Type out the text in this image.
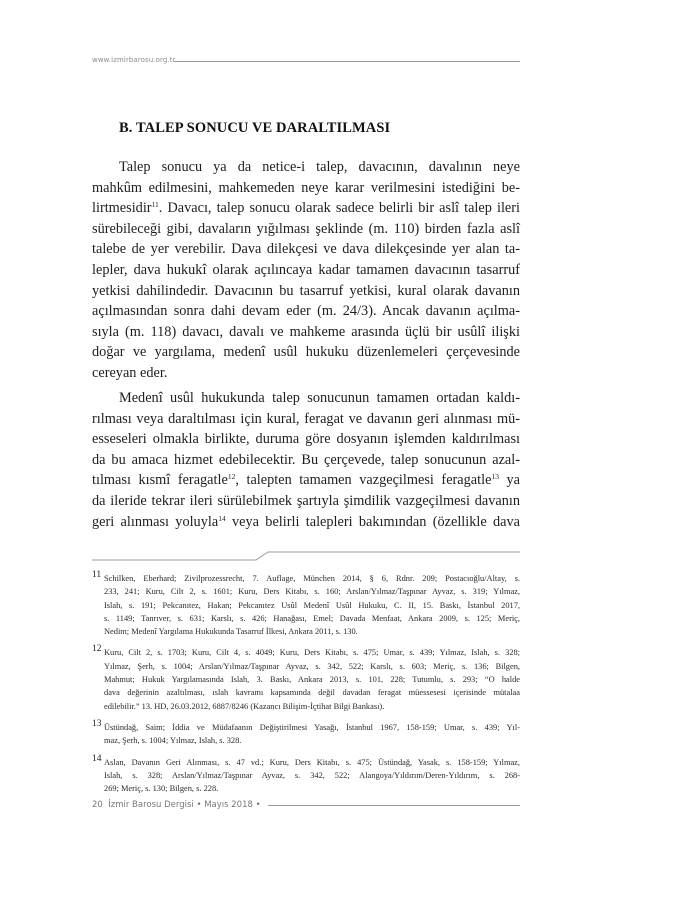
www.izmirbarosu.org.tr
B. TALEP SONUCU VE DARALTILMASI
Talep sonucu ya da netice-i talep, davacının, davalının neye
mahkûm edilmesini, mahkemeden neye karar verilmesini istediğini be-
lirtmesidir$^{11}$. Davacı, talep sonucu olarak sadece belirli bir aslî talep ileri
sürebileceği gibi, davaların yığılması şeklinde (m. 110) birden fazla aslî
talebe de yer verebilir. Dava dilekçesi ve dava dilekçesinde yer alan ta-
lepler, dava hukukî olarak açılıncaya kadar tamamen davacının tasarruf
yetkisi dahilindedir. Davacının bu tasarruf yetkisi, kural olarak davanın
açılmasından sonra dahi devam eder (m. 24/3). Ancak davanın açılma-
sıyla (m. 118) davacı, davalı ve mahkeme arasında üçlü bir usûlî ilişki
doğar ve yargılama, medenî usûl hukuku düzenlemeleri çerçevesinde
cereyan eder.
Medenî usûl hukukunda talep sonucunun tamamen ortadan kaldı-
rılması veya daraltılması için kural, feragat ve davanın geri alınması mü-
esseseleri olmakla birlikte, duruma göre dosyanın işlemden kaldırılması
da bu amaca hizmet edebilecektir. Bu çerçevede, talep sonucunun azal-
tılması kısmî feragatle$^{12}$, talepten tamamen vazgeçilmesi feragatle$^{13}$ ya
da ileride tekrar ileri sürülebilmek şartıyla şimdilik vazgeçilmesi davanın
geri alınması yoluyla$^{14}$ veya belirli talepleri bakımından (özellikle dava
11 Schilken, Eberhard; Zivilprozessrecht, 7. Auflage, München 2014, § 6, Rdnr. 209; Postacıoğlu/Altay, s.
233, 241; Kuru, Cilt 2, s. 1601; Kuru, Ders Kitabı, s. 160; Arslan/Yılmaz/Taşpınar Ayvaz, s. 319; Yılmaz,
Islah, s. 191; Pekcanıtez, Hakan; Pekcanıtez Usûl Medenî Usûl Hukuku, C. II, 15. Baskı, İstanbul 2017,
s. 1149; Tanrıver, s. 631; Karslı, s. 426; Hanağası, Emel; Davada Menfaat, Ankara 2009, s. 125; Meriç,
Nedim; Medenî Yargılama Hukukunda Tasarruf İlkesi, Ankara 2011, s. 130.
12 Kuru, Cilt 2, s. 1703; Kuru, Cilt 4, s. 4049; Kuru, Ders Kitabı, s. 475; Umar, s. 439; Yılmaz, Islah, s. 328;
Yılmaz, Şerh, s. 1004; Arslan/Yılmaz/Taşpınar Ayvaz, s. 342, 522; Karslı, s. 603; Meriç, s. 136; Bilgen,
Mahmut; Hukuk Yargılamasında Islah, 3. Baskı, Ankara 2013, s. 101, 228; Tutumlu, s. 293; “O halde
dava değerinin azaltılması, ıslah kavramı kapsamında değil davadan feragat müessesesi içerisinde mütalaa
edilebilir.” 13. HD, 26.03.2012, 6887/8246 (Kazancı Bilişim-İçtihat Bilgi Bankası).
13 Üstündağ, Saim; İddia ve Müdafaanın Değiştirilmesi Yasağı, İstanbul 1967, 158-159; Umar, s. 439; Yıl-
maz, Şerh, s. 1004; Yılmaz, Islah, s. 328.
14 Aslan, Davanın Geri Alınması, s. 47 vd.; Kuru, Ders Kitabı, s. 475; Üstündağ, Yasak, s. 158-159; Yılmaz,
Islah, s. 328; Arslan/Yılmaz/Taşpınar Ayvaz, s. 342, 522; Alangoya/Yıldırım/Deren-Yıldırım, s. 268-
269; Meriç, s. 130; Bilgen, s. 228.
20 İzmir Barosu Dergisi • Mayıs 2018 •
